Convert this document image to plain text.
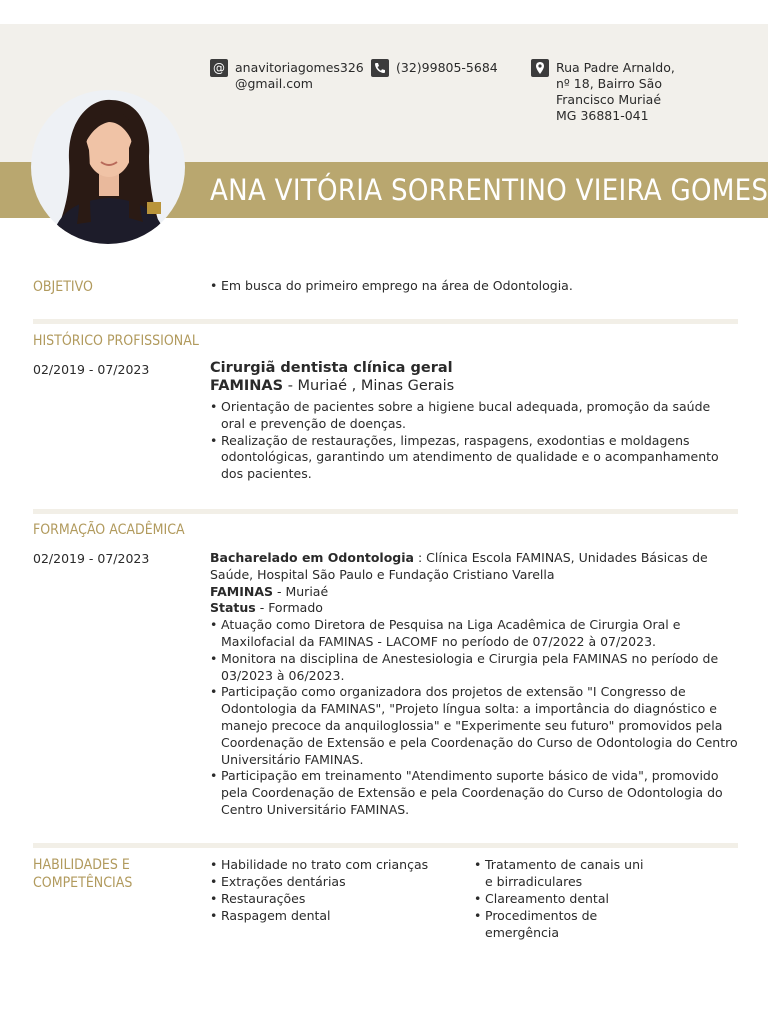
ANA VITÓRIA SORRENTINO VIEIRA GOMES
@ anavitoriagomes326
@gmail.com
(32)99805-5684	Rua Padre Arnaldo,
nº 18, Bairro São
Francisco Muriaé
MG 36881-041
OBJETIVO
•	Em busca do primeiro emprego na área de Odontologia.
HISTÓRICO PROFISSIONAL
02/2019 - 07/2023	Cirurgiã dentista clínica geral
FAMINAS - Muriaé , Minas Gerais
• Orientação de pacientes sobre a higiene bucal adequada, promoção da saúde oral e prevenção de doenças.
• Realização de restaurações, limpezas, raspagens, exodontias e moldagens odontológicas, garantindo um atendimento de qualidade e o acompanhamento dos pacientes.
FORMAÇÃO ACADÊMICA
02/2019 - 07/2023	Bacharelado em Odontologia : Clínica Escola FAMINAS, Unidades Básicas de Saúde, Hospital São Paulo e Fundação Cristiano Varella
FAMINAS - Muriaé
Status - Formado
• Atuação como Diretora de Pesquisa na Liga Acadêmica de Cirurgia Oral e Maxilofacial da FAMINAS - LACOMF no período de 07/2022 à 07/2023.
• Monitora na disciplina de Anestesiologia e Cirurgia pela FAMINAS no período de 03/2023 à 06/2023.
• Participação como organizadora dos projetos de extensão "I Congresso de Odontologia da FAMINAS", "Projeto língua solta: a importância do diagnóstico e manejo precoce da anquiloglossia" e "Experimente seu futuro" promovidos pela Coordenação de Extensão e pela Coordenação do Curso de Odontologia do Centro Universitário FAMINAS.
• Participação em treinamento "Atendimento suporte básico de vida", promovido pela Coordenação de Extensão e pela Coordenação do Curso de Odontologia do Centro Universitário FAMINAS.
HABILIDADES E
COMPETÊNCIAS
• Habilidade no trato com crianças
• Extrações dentárias
• Restaurações
• Raspagem dental
• Tratamento de canais uni e birradiculares
• Clareamento dental
• Procedimentos de emergência
